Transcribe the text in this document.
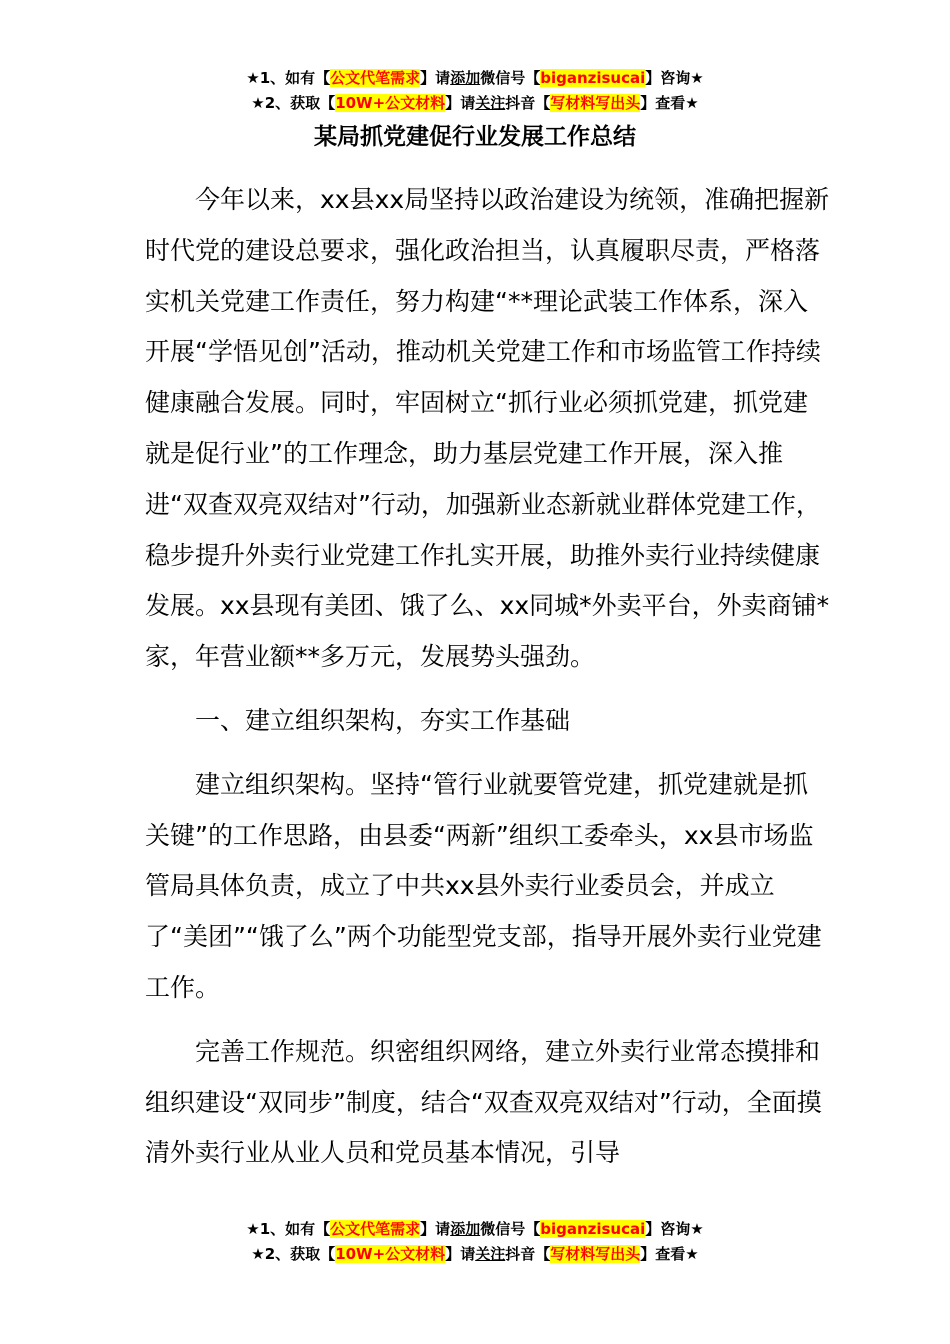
★1、如有【公文代笔需求】请添加微信号【biganzisucai】咨询★
★2、获取【10W+公文材料】请关注抖音【写材料写出头】查看★
某局抓党建促行业发展工作总结

今年以来，xx县xx局坚持以政治建设为统领，准确把握新时代党的建设总要求，强化政治担当，认真履职尽责，严格落实机关党建工作责任，努力构建“**理论武装工作体系，深入开展“学悟见创”活动，推动机关党建工作和市场监管工作持续健康融合发展。同时，牢固树立“抓行业必须抓党建，抓党建就是促行业”的工作理念，助力基层党建工作开展，深入推进“双查双亮双结对”行动，加强新业态新就业群体党建工作，稳步提升外卖行业党建工作扎实开展，助推外卖行业持续健康发展。xx县现有美团、饿了么、xx同城*外卖平台，外卖商铺*家，年营业额**多万元，发展势头强劲。

一、建立组织架构，夯实工作基础

建立组织架构。坚持“管行业就要管党建，抓党建就是抓关键”的工作思路，由县委“两新”组织工委牵头，xx县市场监管局具体负责，成立了中共xx县外卖行业委员会，并成立了“美团”“饿了么”两个功能型党支部，指导开展外卖行业党建工作。

完善工作规范。织密组织网络，建立外卖行业常态摸排和组织建设“双同步”制度，结合“双查双亮双结对”行动，全面摸清外卖行业从业人员和党员基本情况，引导

★1、如有【公文代笔需求】请添加微信号【biganzisucai】咨询★
★2、获取【10W+公文材料】请关注抖音【写材料写出头】查看★
